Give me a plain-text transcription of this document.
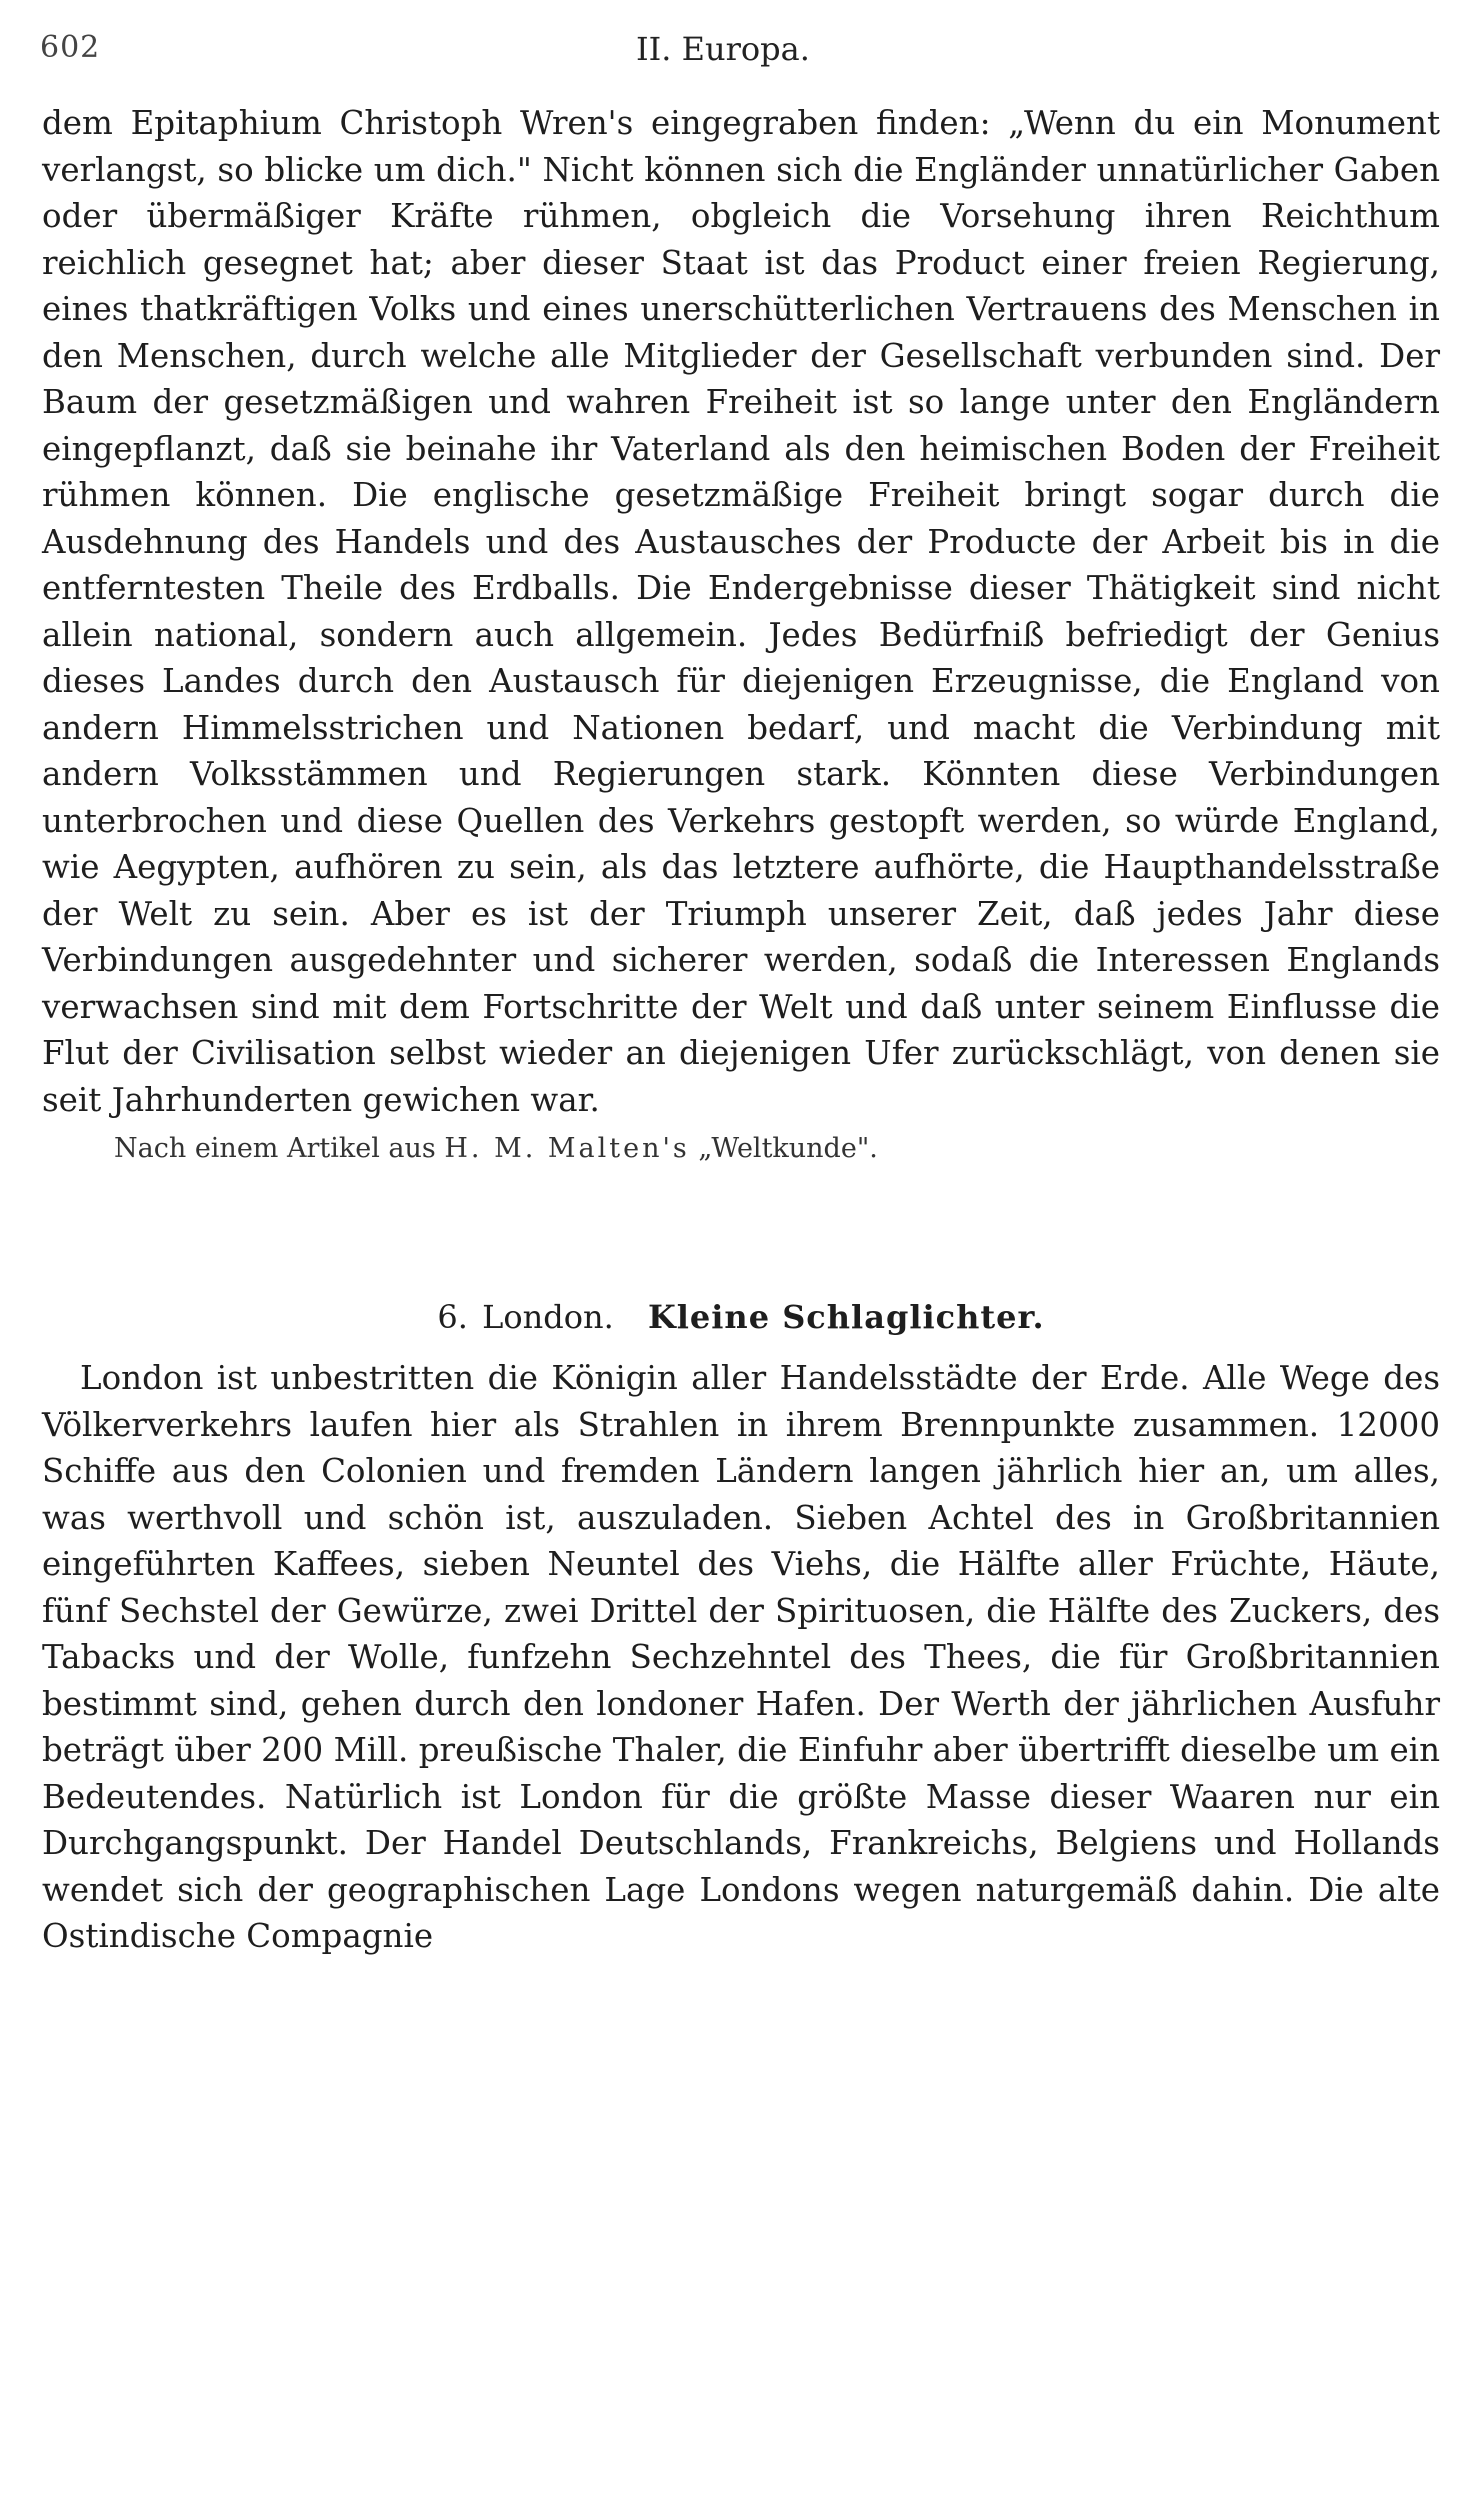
602	II. Europa.

dem Epitaphium Christoph Wren's eingegraben finden: „Wenn du ein Monument verlangst, so blicke um dich." Nicht können sich die Engländer unnatürlicher Gaben oder übermäßiger Kräfte rühmen, obgleich die Vorsehung ihren Reichthum reichlich gesegnet hat; aber dieser Staat ist das Product einer freien Regierung, eines thatkräftigen Volks und eines unerschütterlichen Vertrauens des Menschen in den Menschen, durch welche alle Mitglieder der Gesellschaft verbunden sind. Der Baum der gesetzmäßigen und wahren Freiheit ist so lange unter den Engländern eingepflanzt, daß sie beinahe ihr Vaterland als den heimischen Boden der Freiheit rühmen können. Die englische gesetzmäßige Freiheit bringt sogar durch die Ausdehnung des Handels und des Austausches der Producte der Arbeit bis in die entferntesten Theile des Erdballs. Die Endergebnisse dieser Thätigkeit sind nicht allein national, sondern auch allgemein. Jedes Bedürfniß befriedigt der Genius dieses Landes durch den Austausch für diejenigen Erzeugnisse, die England von andern Himmelsstrichen und Nationen bedarf, und macht die Verbindung mit andern Volksstämmen und Regierungen stark. Könnten diese Verbindungen unterbrochen und diese Quellen des Verkehrs gestopft werden, so würde England, wie Aegypten, aufhören zu sein, als das letztere aufhörte, die Haupthandelsstraße der Welt zu sein. Aber es ist der Triumph unserer Zeit, daß jedes Jahr diese Verbindungen ausgedehnter und sicherer werden, sodaß die Interessen Englands verwachsen sind mit dem Fortschritte der Welt und daß unter seinem Einflusse die Flut der Civilisation selbst wieder an diejenigen Ufer zurückschlägt, von denen sie seit Jahrhunderten gewichen war.

Nach einem Artikel aus H. M. Malten's „Weltkunde".
6. London. Kleine Schlaglichter.

London ist unbestritten die Königin aller Handelsstädte der Erde. Alle Wege des Völkerverkehrs laufen hier als Strahlen in ihrem Brennpunkte zusammen. 12000 Schiffe aus den Colonien und fremden Ländern langen jährlich hier an, um alles, was werthvoll und schön ist, auszuladen. Sieben Achtel des in Großbritannien eingeführten Kaffees, sieben Neuntel des Viehs, die Hälfte aller Früchte, Häute, fünf Sechstel der Gewürze, zwei Drittel der Spirituosen, die Hälfte des Zuckers, des Tabacks und der Wolle, funfzehn Sechzehntel des Thees, die für Großbritannien bestimmt sind, gehen durch den londoner Hafen. Der Werth der jährlichen Ausfuhr beträgt über 200 Mill. preußische Thaler, die Einfuhr aber übertrifft dieselbe um ein Bedeutendes. Natürlich ist London für die größte Masse dieser Waaren nur ein Durchgangspunkt. Der Handel Deutschlands, Frankreichs, Belgiens und Hollands wendet sich der geographischen Lage Londons wegen naturgemäß dahin. Die alte Ostindische Compagnie
